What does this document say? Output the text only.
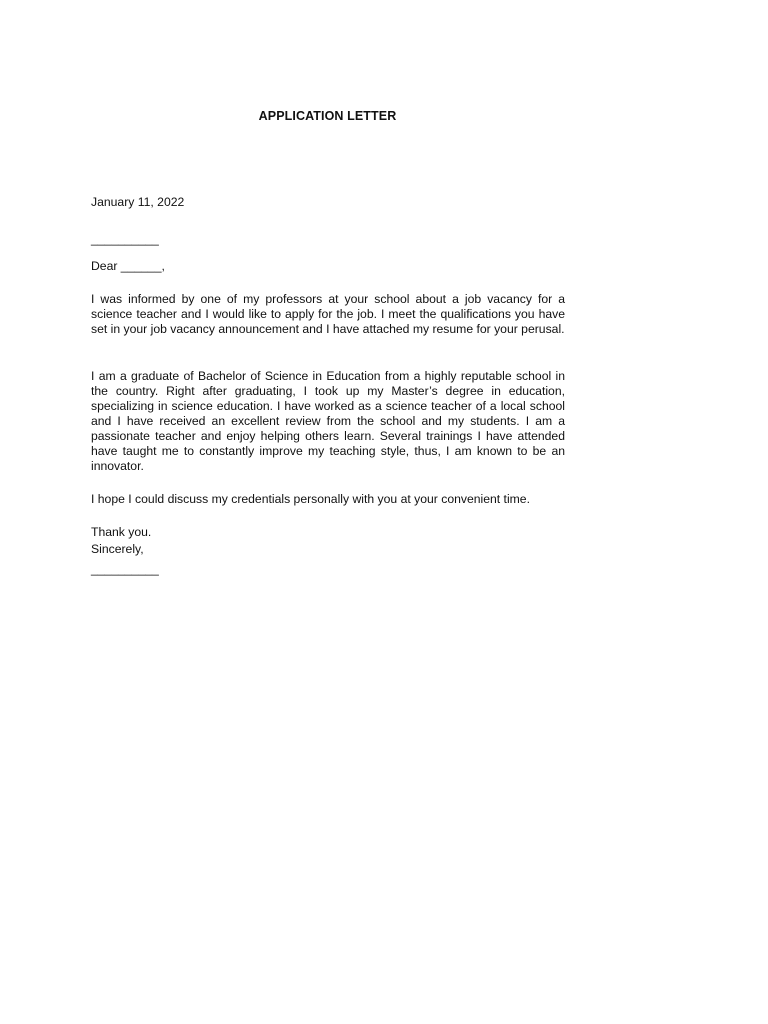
APPLICATION LETTER

January 11, 2022

__________

Dear ______,

I was informed by one of my professors at your school about a job vacancy for a science teacher and I would like to apply for the job. I meet the qualifications you have set in your job vacancy announcement and I have attached my resume for your perusal.

I am a graduate of Bachelor of Science in Education from a highly reputable school in the country. Right after graduating, I took up my Master’s degree in education, specializing in science education. I have worked as a science teacher of a local school and I have received an excellent review from the school and my students. I am a passionate teacher and enjoy helping others learn. Several trainings I have attended have taught me to constantly improve my teaching style, thus, I am known to be an innovator.

I hope I could discuss my credentials personally with you at your convenient time.

Thank you.

Sincerely,

__________
